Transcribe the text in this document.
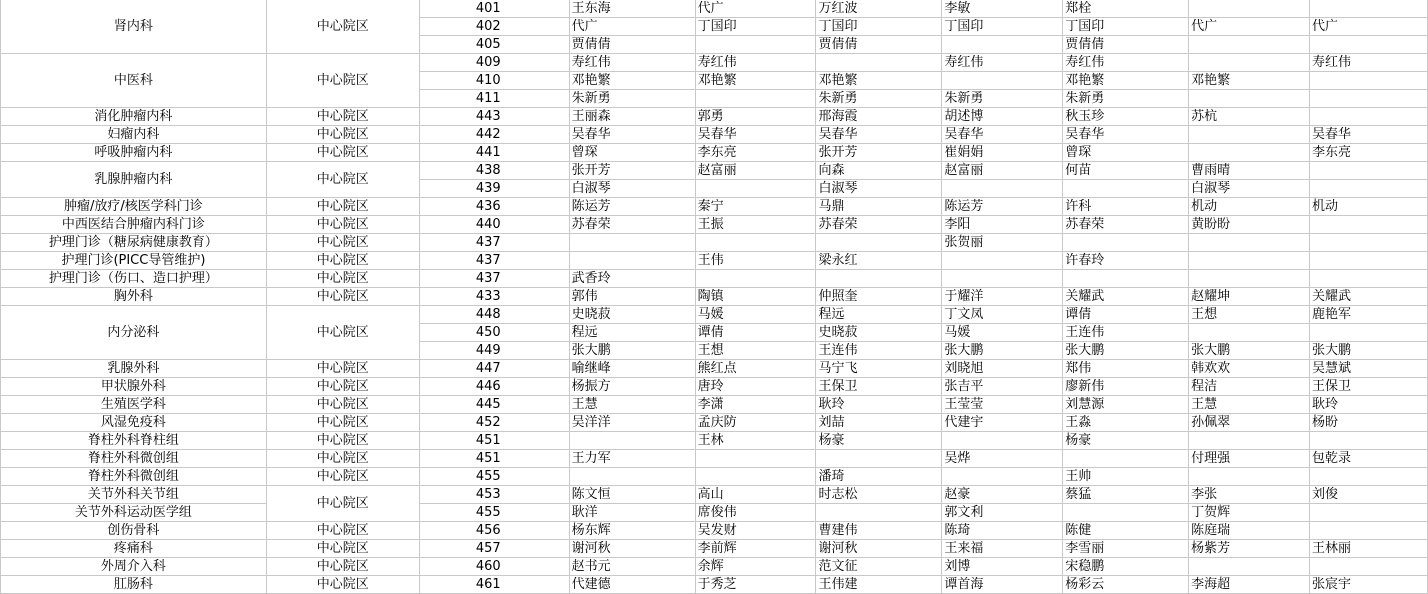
肾内科	中心院区	401	王东海	代广	万红波	李敏	郑栓		
		402	代广	丁国印	丁国印	丁国印	丁国印	代广	代广
		405	贾倩倩		贾倩倩		贾倩倩		
中医科	中心院区	409	寿红伟	寿红伟		寿红伟	寿红伟		寿红伟
		410	邓艳繁	邓艳繁	邓艳繁		邓艳繁	邓艳繁	
		411	朱新勇		朱新勇	朱新勇	朱新勇		
消化肿瘤内科	中心院区	443	王丽森	郭勇	邢海霞	胡述博	秋玉珍	苏杭	
妇瘤内科	中心院区	442	吴春华	吴春华	吴春华	吴春华	吴春华		吴春华
呼吸肿瘤内科	中心院区	441	曾琛	李东亮	张开芳	崔娟娟	曾琛		李东亮
乳腺肿瘤内科	中心院区	438	张开芳	赵富丽	向森	赵富丽	何苗	曹雨晴	
		439	白淑琴		白淑琴			白淑琴	
肿瘤/放疗/核医学科门诊	中心院区	436	陈运芳	秦宁	马鼎	陈运芳	许科	机动	机动
中西医结合肿瘤内科门诊	中心院区	440	苏春荣	王振	苏春荣	李阳	苏春荣	黄盼盼	
护理门诊（糖尿病健康教育）	中心院区	437				张贺丽			
护理门诊(PICC导管维护)	中心院区	437		王伟	梁永红		许春玲		
护理门诊（伤口、造口护理）	中心院区	437	武香玲						
胸外科	中心院区	433	郭伟	陶镇	仲照奎	于耀洋	关耀武	赵耀坤	关耀武
内分泌科	中心院区	448	史晓菽	马媛	程远	丁文凤	谭倩	王想	鹿艳军
		450	程远	谭倩	史晓菽	马媛	王连伟		
		449	张大鹏	王想	王连伟	张大鹏	张大鹏	张大鹏	张大鹏
乳腺外科	中心院区	447	喻继峰	熊红点	马宁飞	刘晓旭	郑伟	韩欢欢	吴慧斌
甲状腺外科	中心院区	446	杨振方	唐玲	王保卫	张吉平	廖新伟	程洁	王保卫
生殖医学科	中心院区	445	王慧	李潇	耿玲	王莹莹	刘慧源	王慧	耿玲
风湿免疫科	中心院区	452	吴洋洋	孟庆防	刘喆	代建宇	王淼	孙佩翠	杨盼
脊柱外科脊柱组	中心院区	451		王林	杨豪		杨豪		
脊柱外科微创组	中心院区	451	王力军			吴烨		付理强	包乾录
脊柱外科微创组	中心院区	455			潘琦		王帅		
关节外科关节组	中心院区	453	陈文恒	高山	时志松	赵豪	蔡猛	李张	刘俊
关节外科运动医学组		455	耿洋	席俊伟		郭文利		丁贺辉	
创伤骨科	中心院区	456	杨东辉	吴发财	曹建伟	陈琦	陈健	陈庭瑞	
疼痛科	中心院区	457	谢河秋	李前辉	谢河秋	王来福	李雪丽	杨紫芳	王林丽
外周介入科	中心院区	460	赵书元	余辉	范文征	刘博	宋稳鹏		
肛肠科	中心院区	461	代建德	于秀芝	王伟建	谭首海	杨彩云	李海超	张宸宇
